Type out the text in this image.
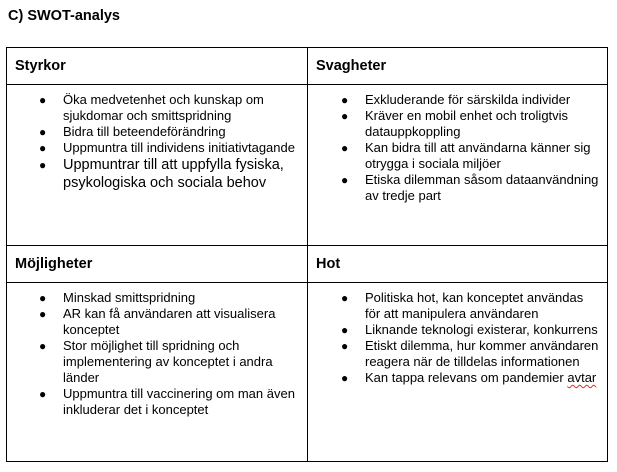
C) SWOT-analys
Styrkor	Svagheter
● Öka medvetenhet och kunskap om sjukdomar och smittspridning
● Bidra till beteendeförändring
● Uppmuntra till individens initiativtagande
● Uppmuntrar till att uppfylla fysiska, psykologiska och sociala behov
● Exkluderande för särskilda individer
● Kräver en mobil enhet och troligtvis datauppkoppling
● Kan bidra till att användarna känner sig otrygga i sociala miljöer
● Etiska dilemman såsom dataanvändning av tredje part
Möjligheter	Hot
● Minskad smittspridning
● AR kan få användaren att visualisera konceptet
● Stor möjlighet till spridning och implementering av konceptet i andra länder
● Uppmuntra till vaccinering om man även inkluderar det i konceptet
● Politiska hot, kan konceptet användas för att manipulera användaren
● Liknande teknologi existerar, konkurrens
● Etiskt dilemma, hur kommer användaren reagera när de tilldelas informationen
● Kan tappa relevans om pandemier avtar
